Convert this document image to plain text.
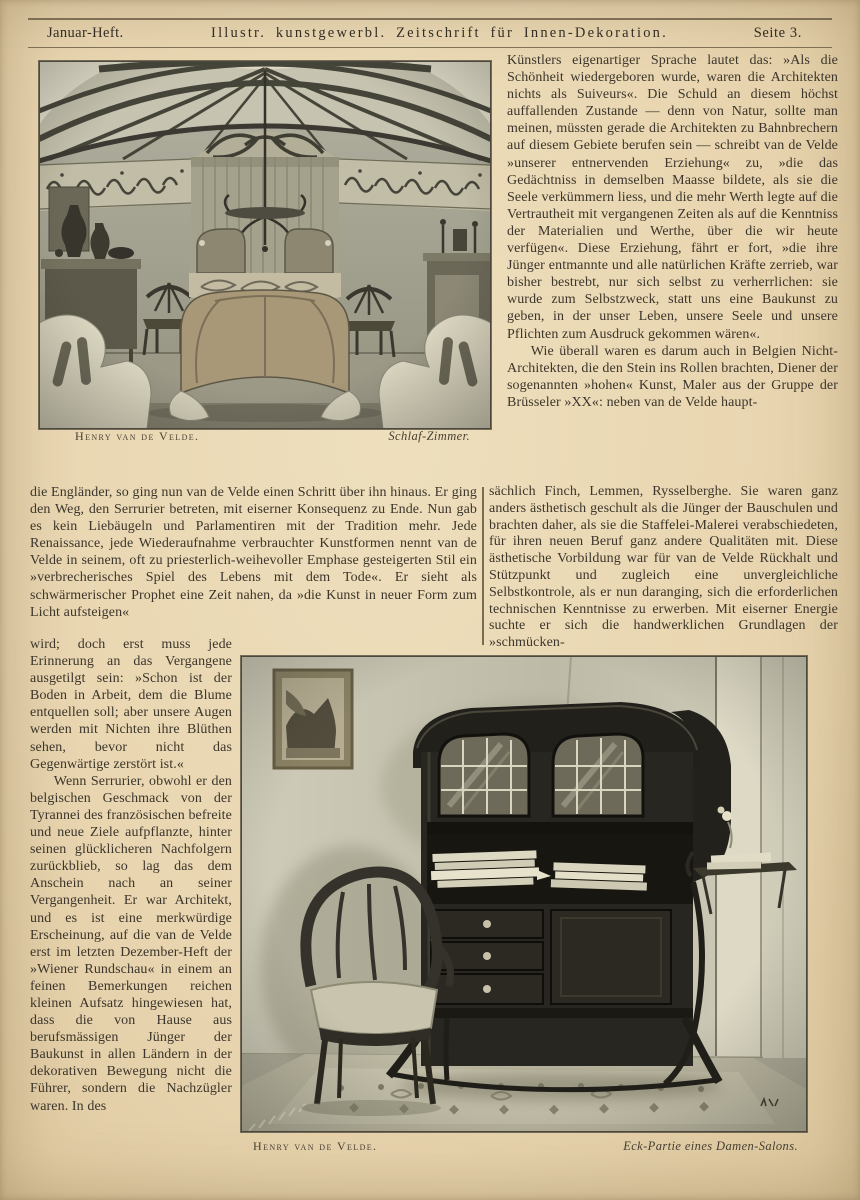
Januar-Heft.	Illustr. kunstgewerbl. Zeitschrift für Innen-Dekoration.	Seite 3.
Henry van de Velde.	Schlaf-Zimmer.

Künstlers eigenartiger Sprache lautet das: »Als die Schönheit wiedergeboren wurde, waren die Architekten nichts als Suiveurs«. Die Schuld an diesem höchst auffallenden Zustande — denn von Natur, sollte man meinen, müssten gerade die Architekten zu Bahnbrechern auf diesem Gebiete berufen sein — schreibt van de Velde »unserer entnervenden Erziehung« zu, »die das Gedächtniss in demselben Maasse bildete, als sie die Seele verkümmern liess, und die mehr Werth legte auf die Vertrautheit mit vergangenen Zeiten als auf die Kenntniss der Materialien und Werthe, über die wir heute verfügen«. Diese Erziehung, fährt er fort, »die ihre Jünger entmannte und alle natürlichen Kräfte zerrieb, war bisher bestrebt, nur sich selbst zu verherrlichen: sie wurde zum Selbstzweck, statt uns eine Baukunst zu geben, in der unser Leben, unsere Seele und unsere Pflichten zum Ausdruck gekommen wären«.

Wie überall waren es darum auch in Belgien Nicht-Architekten, die den Stein ins Rollen brachten, Diener der sogenannten »hohen« Kunst, Maler aus der Gruppe der Brüsseler »XX«: neben van de Velde haupt-

sächlich Finch, Lemmen, Rysselberghe. Sie waren ganz anders ästhetisch geschult als die Jünger der Bauschulen und brachten daher, als sie die Staffelei-Malerei verabschiedeten, für ihren neuen Beruf ganz andere Qualitäten mit. Diese ästhetische Vorbildung war für van de Velde Rückhalt und Stützpunkt und zugleich eine unvergleichliche Selbstkontrole, als er nun daranging, sich die erforderlichen technischen Kenntnisse zu erwerben. Mit eiserner Energie suchte er sich die handwerklichen Grundlagen der »schmücken-

die Engländer, so ging nun van de Velde einen Schritt über ihn hinaus. Er ging den Weg, den Serrurier betreten, mit eiserner Konsequenz zu Ende. Nun gab es kein Liebäugeln und Parlamentiren mit der Tradition mehr. Jede Renaissance, jede Wiederaufnahme verbrauchter Kunstformen nennt van de Velde in seinem, oft zu priesterlich-weihevoller Emphase gesteigerten Stil ein »verbrecherisches Spiel des Lebens mit dem Tode«. Er sieht als schwärmerischer Prophet eine Zeit nahen, da »die Kunst in neuer Form zum Licht aufsteigen«

wird; doch erst muss jede Erinnerung an das Vergangene ausgetilgt sein: »Schon ist der Boden in Arbeit, dem die Blume entquellen soll; aber unsere Augen werden mit Nichten ihre Blüthen sehen, bevor nicht das Gegenwärtige zerstört ist.«

Wenn Serrurier, obwohl er den belgischen Geschmack von der Tyrannei des französischen befreite und neue Ziele aufpflanzte, hinter seinen glücklicheren Nachfolgern zurückblieb, so lag das dem Anschein nach an seiner Vergangenheit. Er war Architekt, und es ist eine merkwürdige Erscheinung, auf die van de Velde erst im letzten Dezember-Heft der »Wiener Rundschau« in einem an feinen Bemerkungen reichen kleinen Aufsatz hingewiesen hat, dass die von Hause aus berufsmässigen Jünger der Baukunst in allen Ländern in der dekorativen Bewegung nicht die Führer, sondern die Nachzügler waren. In des

Henry van de Velde.	Eck-Partie eines Damen-Salons.
